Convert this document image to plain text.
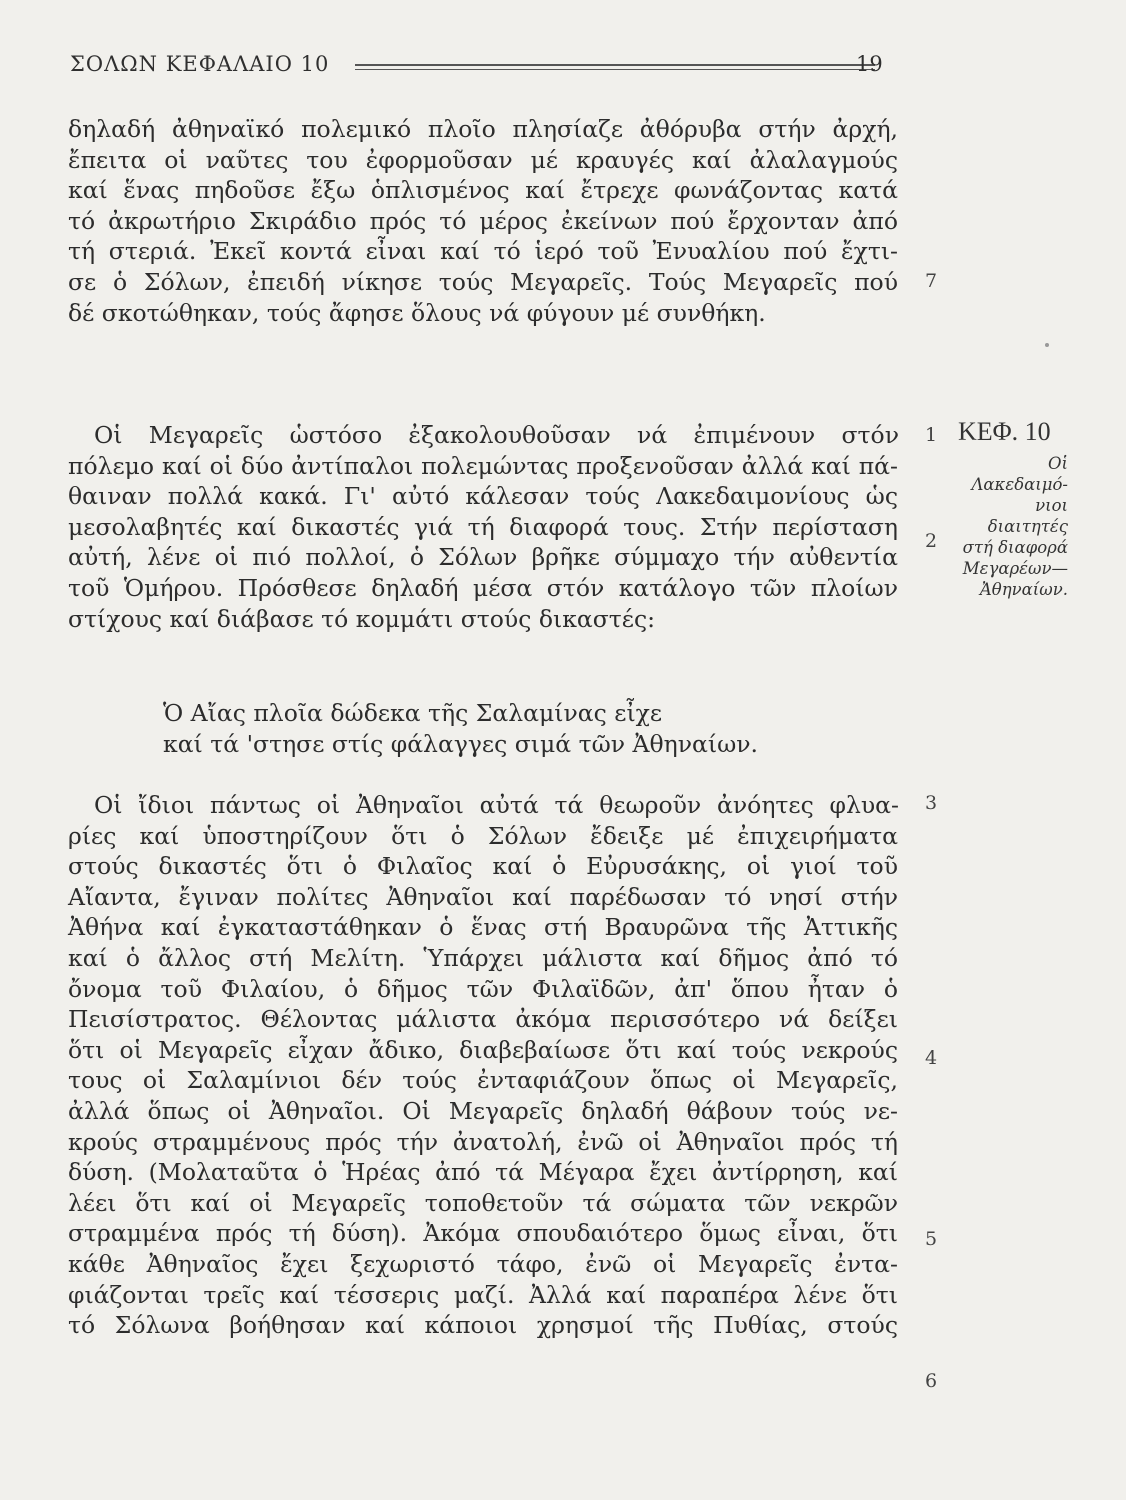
ΣΟΛΩΝ ΚΕΦΑΛΑΙΟ 10	19
δηλαδή ἀθηναϊκό πολεμικό πλοῖο πλησίαζε ἀθόρυβα στήν ἀρχή,
ἔπειτα οἱ ναῦτες του ἐφορμοῦσαν μέ κραυγές καί ἀλαλαγμούς
καί ἕνας πηδοῦσε ἔξω ὁπλισμένος καί ἔτρεχε φωνάζοντας κατά
τό ἀκρωτήριο Σκιράδιο πρός τό μέρος ἐκείνων πού ἔρχονταν ἀπό
τή στεριά. Ἐκεῖ κοντά εἶναι καί τό ἱερό τοῦ Ἐνυαλίου πού ἔχτι-
σε ὁ Σόλων, ἐπειδή νίκησε τούς Μεγαρεῖς. Τούς Μεγαρεῖς πού
δέ σκοτώθηκαν, τούς ἄφησε ὅλους νά φύγουν μέ συνθήκη.
Οἱ Μεγαρεῖς ὡστόσο ἐξακολουθοῦσαν νά ἐπιμένουν στόν
πόλεμο καί οἱ δύο ἀντίπαλοι πολεμώντας προξενοῦσαν ἀλλά καί πά-
θαιναν πολλά κακά. Γι' αὐτό κάλεσαν τούς Λακεδαιμονίους ὡς
μεσολαβητές καί δικαστές γιά τή διαφορά τους. Στήν περίσταση
αὐτή, λένε οἱ πιό πολλοί, ὁ Σόλων βρῆκε σύμμαχο τήν αὐθεντία
τοῦ Ὁμήρου. Πρόσθεσε δηλαδή μέσα στόν κατάλογο τῶν πλοίων
στίχους καί διάβασε τό κομμάτι στούς δικαστές:
Ὁ Αἴας πλοῖα δώδεκα τῆς Σαλαμίνας εἶχε
καί τά 'στησε στίς φάλαγγες σιμά τῶν Ἀθηναίων.
Οἱ ἴδιοι πάντως οἱ Ἀθηναῖοι αὐτά τά θεωροῦν ἀνόητες φλυα-
ρίες καί ὑποστηρίζουν ὅτι ὁ Σόλων ἔδειξε μέ ἐπιχειρήματα
στούς δικαστές ὅτι ὁ Φιλαῖος καί ὁ Εὐρυσάκης, οἱ γιοί τοῦ
Αἴαντα, ἔγιναν πολίτες Ἀθηναῖοι καί παρέδωσαν τό νησί στήν
Ἀθήνα καί ἐγκαταστάθηκαν ὁ ἕνας στή Βραυρῶνα τῆς Ἀττικῆς
καί ὁ ἄλλος στή Μελίτη. Ὑπάρχει μάλιστα καί δῆμος ἀπό τό
ὄνομα τοῦ Φιλαίου, ὁ δῆμος τῶν Φιλαϊδῶν, ἀπ' ὅπου ἦταν ὁ
Πεισίστρατος. Θέλοντας μάλιστα ἀκόμα περισσότερο νά δείξει
ὅτι οἱ Μεγαρεῖς εἶχαν ἄδικο, διαβεβαίωσε ὅτι καί τούς νεκρούς
τους οἱ Σαλαμίνιοι δέν τούς ἐνταφιάζουν ὅπως οἱ Μεγαρεῖς,
ἀλλά ὅπως οἱ Ἀθηναῖοι. Οἱ Μεγαρεῖς δηλαδή θάβουν τούς νε-
κρούς στραμμένους πρός τήν ἀνατολή, ἐνῶ οἱ Ἀθηναῖοι πρός τή
δύση. (Μολαταῦτα ὁ Ἡρέας ἀπό τά Μέγαρα ἔχει ἀντίρρηση, καί
λέει ὅτι καί οἱ Μεγαρεῖς τοποθετοῦν τά σώματα τῶν νεκρῶν
στραμμένα πρός τή δύση). Ἀκόμα σπουδαιότερο ὅμως εἶναι, ὅτι
κάθε Ἀθηναῖος ἔχει ξεχωριστό τάφο, ἐνῶ οἱ Μεγαρεῖς ἐντα-
φιάζονται τρεῖς καί τέσσερις μαζί. Ἀλλά καί παραπέρα λένε ὅτι
τό Σόλωνα βοήθησαν καί κάποιοι χρησμοί τῆς Πυθίας, στούς
7
1
2
3
4
5
6
ΚΕΦ. 10
Οἱ Λακεδαιμό-
νιοι διαιτητές
στή διαφορά
Μεγαρέων—
Ἀθηναίων.
